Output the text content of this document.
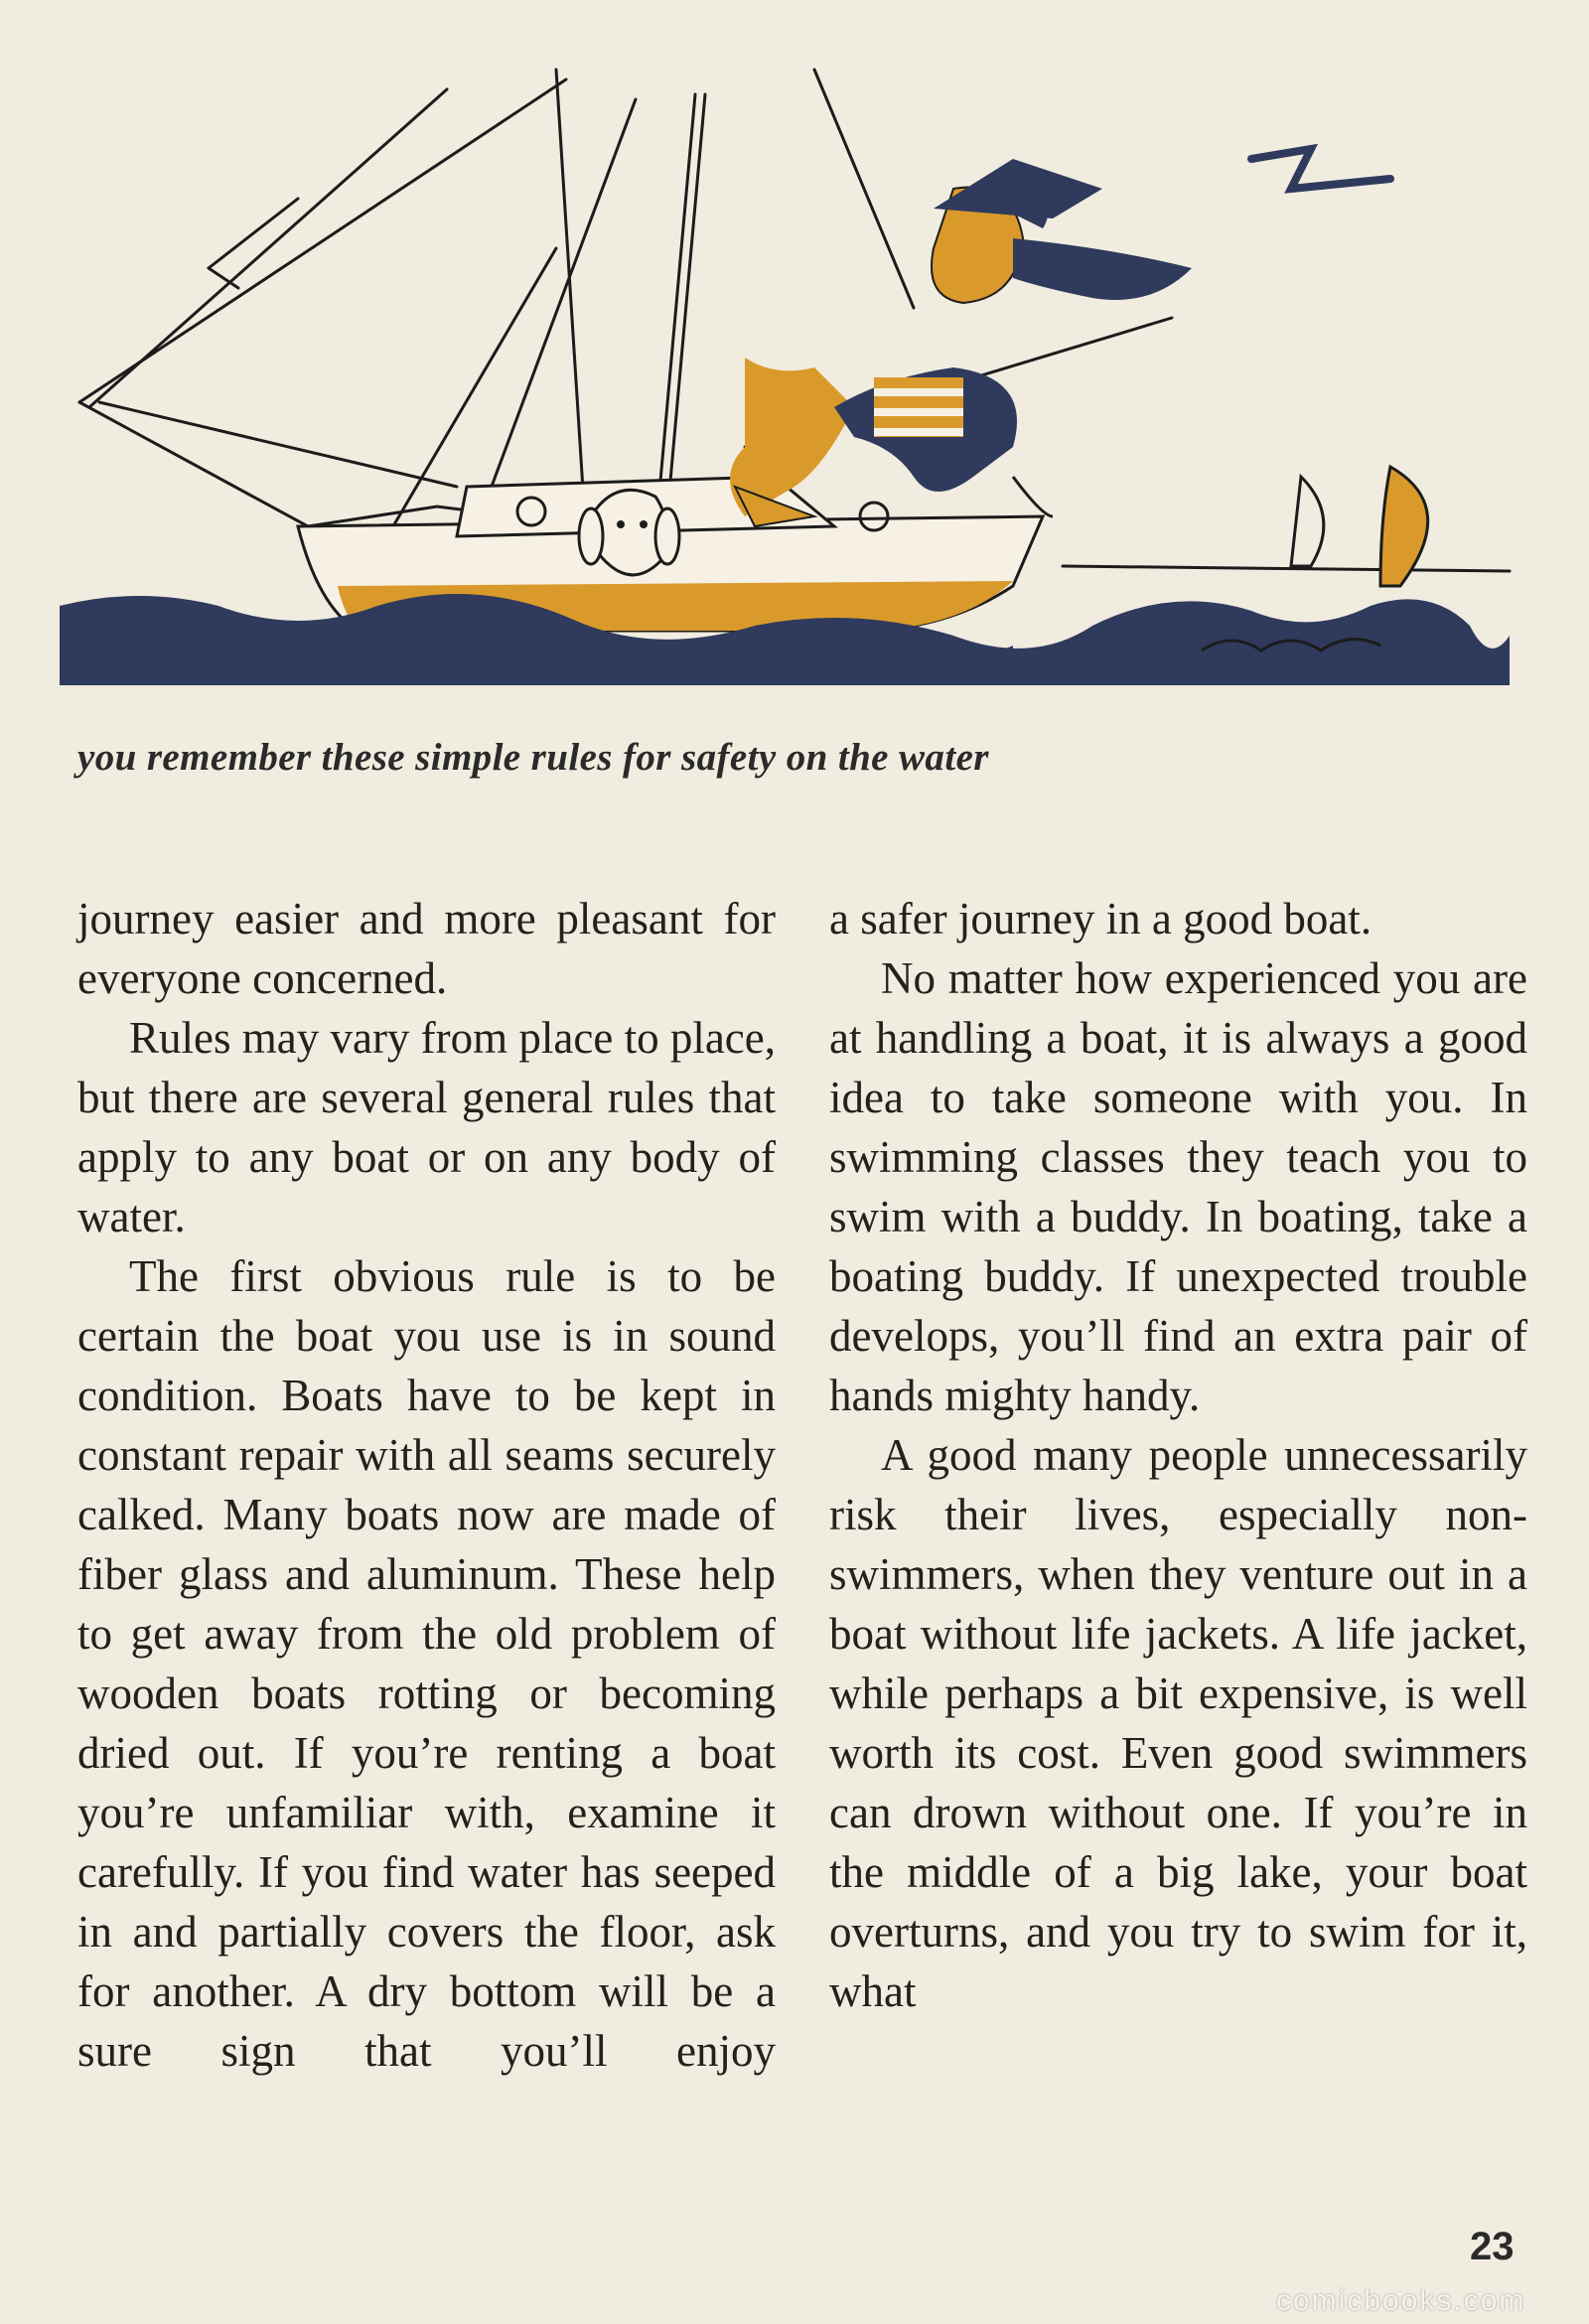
you remember these simple rules for safety on the water

journey easier and more pleasant for everyone concerned.

Rules may vary from place to place, but there are several general rules that apply to any boat or on any body of water.

The first obvious rule is to be certain the boat you use is in sound condition. Boats have to be kept in constant repair with all seams securely calked. Many boats now are made of fiber glass and aluminum. These help to get away from the old problem of wooden boats rotting or becoming dried out. If you’re renting a boat you’re unfamiliar with, examine it carefully. If you find water has seeped in and partially covers the floor, ask for another. A dry bottom will be a sure sign that you’ll enjoy

a safer journey in a good boat.

No matter how experienced you are at handling a boat, it is always a good idea to take someone with you. In swimming classes they teach you to swim with a buddy. In boating, take a boating buddy. If unexpected trouble develops, you’ll find an extra pair of hands mighty handy.

A good many people unnecessarily risk their lives, especially non-swimmers, when they venture out in a boat without life jackets. A life jacket, while perhaps a bit expensive, is well worth its cost. Even good swimmers can drown without one. If you’re in the middle of a big lake, your boat overturns, and you try to swim for it, what

23
comicbooks.com
